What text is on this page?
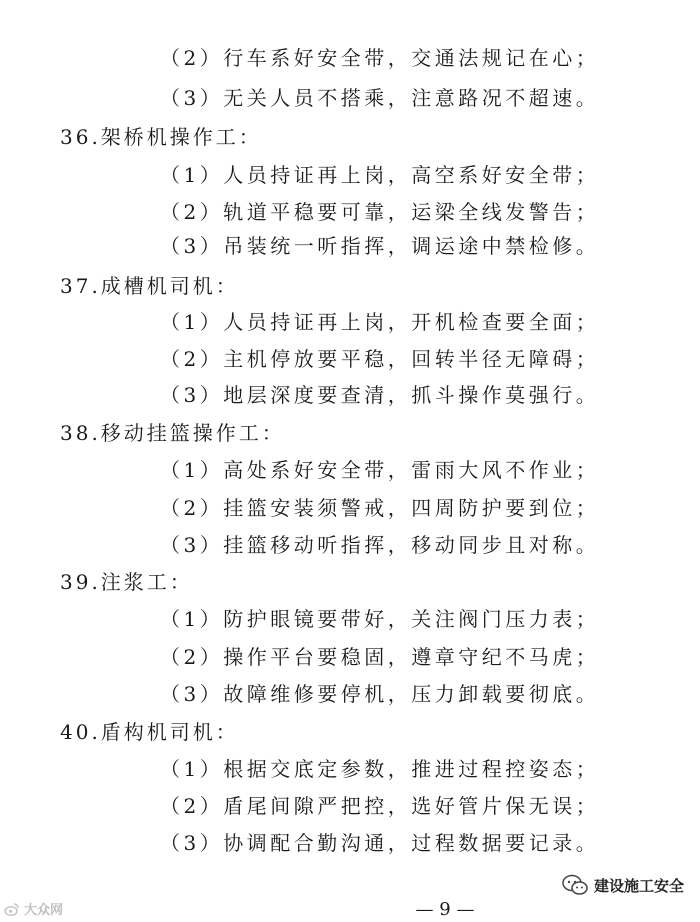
（2）行车系好安全带，交通法规记在心；
（3）无关人员不搭乘，注意路况不超速。
36.架桥机操作工：
（1）人员持证再上岗，高空系好安全带；
（2）轨道平稳要可靠，运梁全线发警告；
（3）吊装统一听指挥，调运途中禁检修。
37.成槽机司机：
（1）人员持证再上岗，开机检查要全面；
（2）主机停放要平稳，回转半径无障碍；
（3）地层深度要查清，抓斗操作莫强行。
38.移动挂篮操作工：
（1）高处系好安全带，雷雨大风不作业；
（2）挂篮安装须警戒，四周防护要到位；
（3）挂篮移动听指挥，移动同步且对称。
39.注浆工：
（1）防护眼镜要带好，关注阀门压力表；
（2）操作平台要稳固，遵章守纪不马虎；
（3）故障维修要停机，压力卸载要彻底。
40.盾构机司机：
（1）根据交底定参数，推进过程控姿态；
（2）盾尾间隙严把控，选好管片保无误；
（3）协调配合勤沟通，过程数据要记录。
大众网
建设施工安全
— 9 —
